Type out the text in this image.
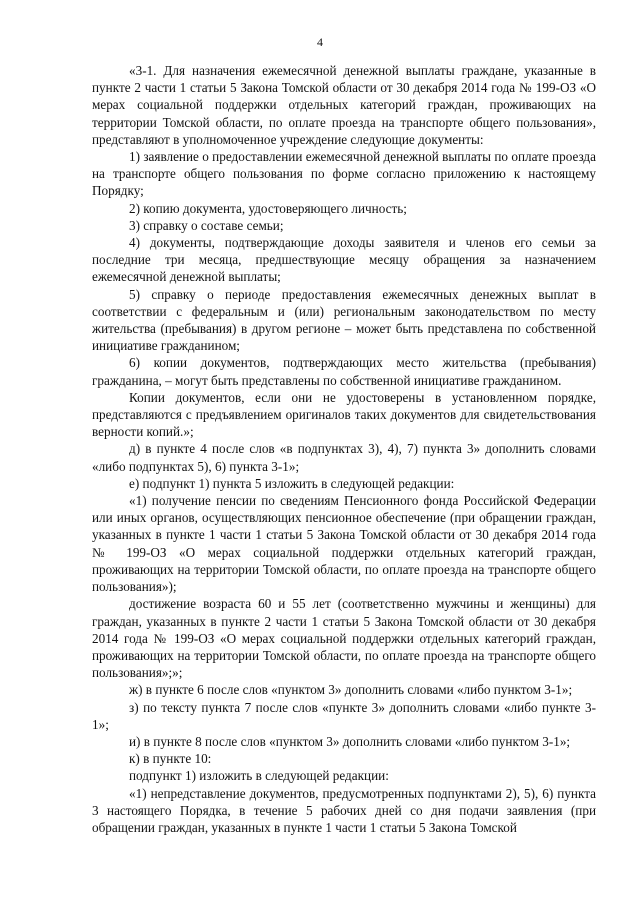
4

«3-1. Для назначения ежемесячной денежной выплаты граждане, указанные в пункте 2 части 1 статьи 5 Закона Томской области от 30 декабря 2014 года № 199-ОЗ «О мерах социальной поддержки отдельных категорий граждан, проживающих на территории Томской области, по оплате проезда на транспорте общего пользования», представляют в уполномоченное учреждение следующие документы:

1) заявление о предоставлении ежемесячной денежной выплаты по оплате проезда на транспорте общего пользования по форме согласно приложению к настоящему Порядку;

2) копию документа, удостоверяющего личность;

3) справку о составе семьи;

4) документы, подтверждающие доходы заявителя и членов его семьи за последние три месяца, предшествующие месяцу обращения за назначением ежемесячной денежной выплаты;

5) справку о периоде предоставления ежемесячных денежных выплат в соответствии с федеральным и (или) региональным законодательством по месту жительства (пребывания) в другом регионе – может быть представлена по собственной инициативе гражданином;

6) копии документов, подтверждающих место жительства (пребывания) гражданина, – могут быть представлены по собственной инициативе гражданином.

Копии документов, если они не удостоверены в установленном порядке, представляются с предъявлением оригиналов таких документов для свидетельствования верности копий.»;

д) в пункте 4 после слов «в подпунктах 3), 4), 7) пункта 3» дополнить словами «либо подпунктах 5), 6) пункта 3-1»;

е) подпункт 1) пункта 5 изложить в следующей редакции:

«1) получение пенсии по сведениям Пенсионного фонда Российской Федерации или иных органов, осуществляющих пенсионное обеспечение (при обращении граждан, указанных в пункте 1 части 1 статьи 5 Закона Томской области от 30 декабря 2014 года № 199-ОЗ «О мерах социальной поддержки отдельных категорий граждан, проживающих на территории Томской области, по оплате проезда на транспорте общего пользования»);

достижение возраста 60 и 55 лет (соответственно мужчины и женщины) для граждан, указанных в пункте 2 части 1 статьи 5 Закона Томской области от 30 декабря 2014 года № 199-ОЗ «О мерах социальной поддержки отдельных категорий граждан, проживающих на территории Томской области, по оплате проезда на транспорте общего пользования»;»;

ж) в пункте 6 после слов «пунктом 3» дополнить словами «либо пунктом 3-1»;

з) по тексту пункта 7 после слов «пункте 3» дополнить словами «либо пункте 3-1»;

и) в пункте 8 после слов «пунктом 3» дополнить словами «либо пунктом 3-1»;

к) в пункте 10:

подпункт 1) изложить в следующей редакции:

«1) непредставление документов, предусмотренных подпунктами 2), 5), 6) пункта 3 настоящего Порядка, в течение 5 рабочих дней со дня подачи заявления (при обращении граждан, указанных в пункте 1 части 1 статьи 5 Закона Томской
